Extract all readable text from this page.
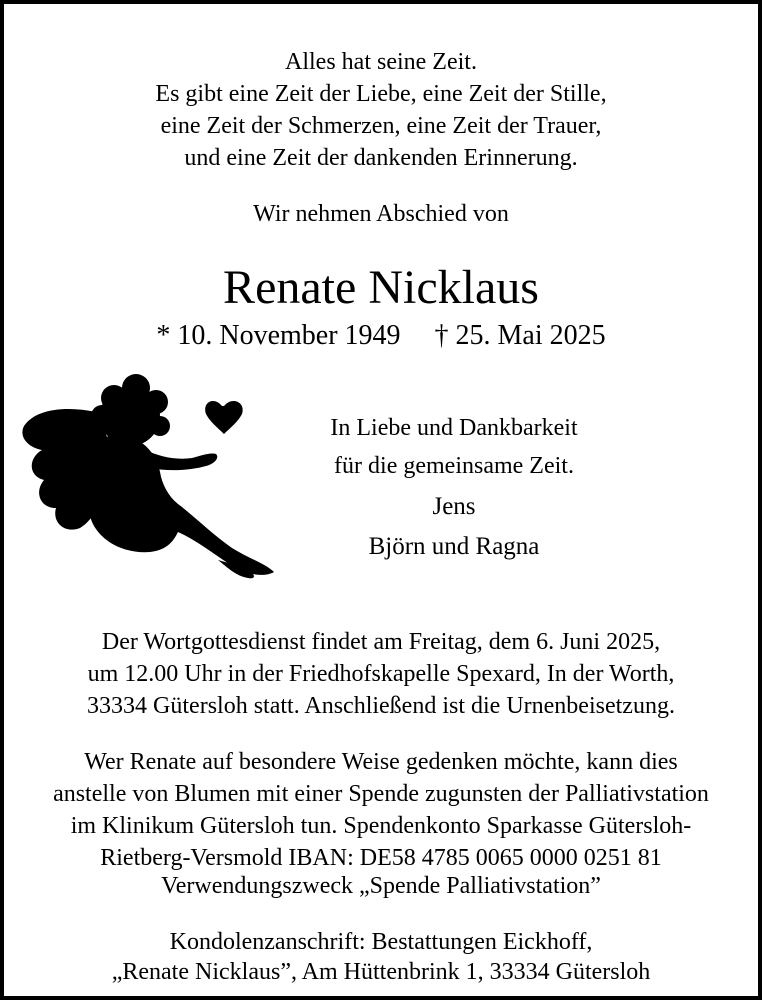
Alles hat seine Zeit.
Es gibt eine Zeit der Liebe, eine Zeit der Stille,
eine Zeit der Schmerzen, eine Zeit der Trauer,
und eine Zeit der dankenden Erinnerung.
Wir nehmen Abschied von
Renate Nicklaus
* 10. November 1949 † 25. Mai 2025
In Liebe und Dankbarkeit
für die gemeinsame Zeit.
Jens
Björn und Ragna
Der Wortgottesdienst findet am Freitag, dem 6. Juni 2025,
um 12.00 Uhr in der Friedhofskapelle Spexard, In der Worth,
33334 Gütersloh statt. Anschließend ist die Urnenbeisetzung.
Wer Renate auf besondere Weise gedenken möchte, kann dies
anstelle von Blumen mit einer Spende zugunsten der Palliativstation
im Klinikum Gütersloh tun. Spendenkonto Sparkasse Gütersloh-
Rietberg-Versmold IBAN: DE58 4785 0065 0000 0251 81
Verwendungszweck „Spende Palliativstation”
Kondolenzanschrift: Bestattungen Eickhoff,
„Renate Nicklaus”, Am Hüttenbrink 1, 33334 Gütersloh
